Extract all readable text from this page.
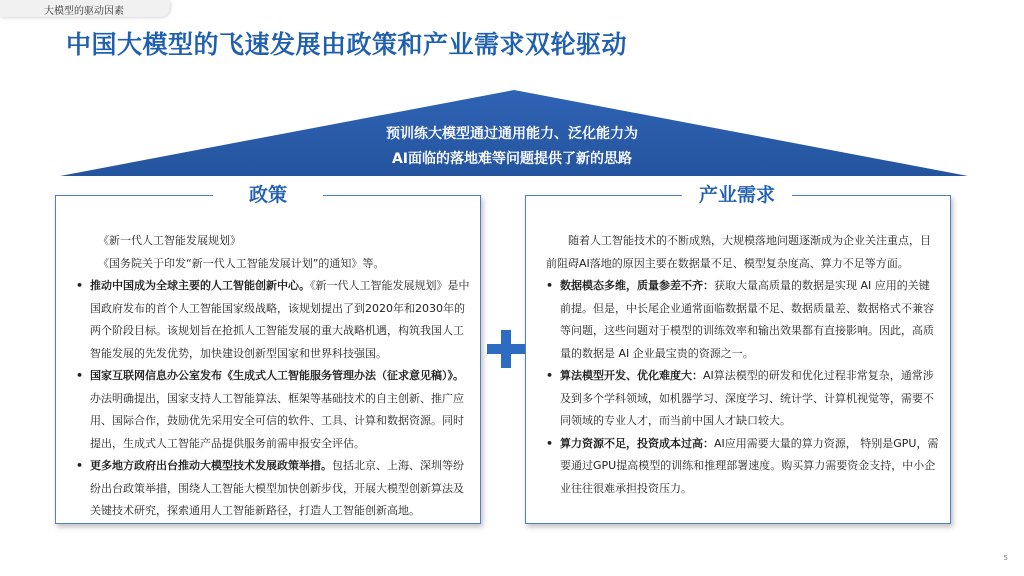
大模型的驱动因素
中国大模型的飞速发展由政策和产业需求双轮驱动
预训练大模型通过通用能力、泛化能力为
AI面临的落地难等问题提供了新的思路

《新一代人工智能发展规划》

《国务院关于印发“新一代人工智能发展计划”的通知》等。

• 推动中国成为全球主要的人工智能创新中心。《新一代人工智能发展规划》是中国政府发布的首个人工智能国家级战略，该规划提出了到2020年和2030年的两个阶段目标。该规划旨在抢抓人工智能发展的重大战略机遇，构筑我国人工智能发展的先发优势，加快建设创新型国家和世界科技强国。

• 国家互联网信息办公室发布《生成式人工智能服务管理办法（征求意见稿）》。办法明确提出，国家支持人工智能算法、框架等基础技术的自主创新、推广应用、国际合作，鼓励优先采用安全可信的软件、工具、计算和数据资源。同时提出，生成式人工智能产品提供服务前需申报安全评估。

• 更多地方政府出台推动大模型技术发展政策举措。包括北京、上海、深圳等纷纷出台政策举措，围绕人工智能大模型加快创新步伐，开展大模型创新算法及关键技术研究，探索通用人工智能新路径，打造人工智能创新高地。

政策

随着人工智能技术的不断成熟，大规模落地问题逐渐成为企业关注重点，目前阻碍AI落地的原因主要在数据量不足、模型复杂度高、算力不足等方面。

• 数据模态多维，质量参差不齐：获取大量高质量的数据是实现 AI 应用的关键前提。但是，中长尾企业通常面临数据量不足、数据质量差、数据格式不兼容等问题，这些问题对于模型的训练效率和输出效果都有直接影响。因此，高质量的数据是 AI 企业最宝贵的资源之一。

• 算法模型开发、优化难度大：AI算法模型的研发和优化过程非常复杂，通常涉及到多个学科领域，如机器学习、深度学习、统计学、计算机视觉等，需要不同领域的专业人才，而当前中国人才缺口较大。

• 算力资源不足，投资成本过高：AI应用需要大量的算力资源， 特别是GPU，需要通过GPU提高模型的训练和推理部署速度。购买算力需要资金支持，中小企业往往很难承担投资压力。

产业需求
5
